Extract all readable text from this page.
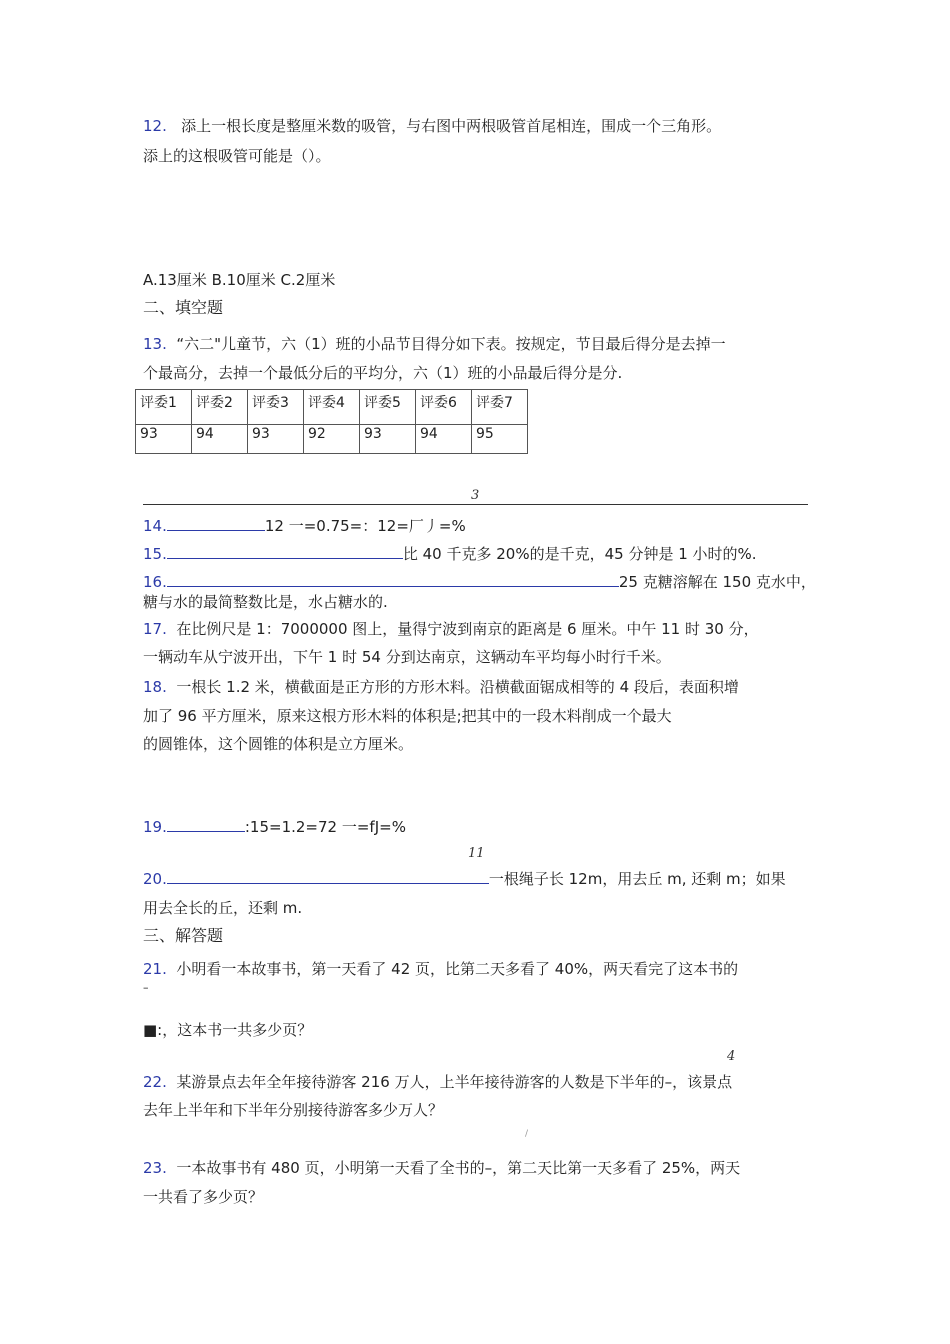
12. 添上一根长度是整厘米数的吸管，与右图中两根吸管首尾相连，围成一个三角形。
添上的这根吸管可能是（）。
A.13厘米 B.10厘米 C.2厘米
二、填空题
13. “六二"儿童节，六（1）班的小品节目得分如下表。按规定，节目最后得分是去掉一
个最高分，去掉一个最低分后的平均分，六（1）班的小品最后得分是分.
评委1	评委2	评委3	评委4	评委5	评委6	评委7

93	94	93	92	93	94	95
3
14.	12 一=0.75=：12=厂丿=%
15.	比 40 千克多 20%的是千克，45 分钟是 1 小时的%.
16.	25 克糖溶解在 150 克水中，
糖与水的最简整数比是，水占糖水的.
17. 在比例尺是 1：7000000 图上，量得宁波到南京的距离是 6 厘米。中午 11 时 30 分，
一辆动车从宁波开出，下午 1 时 54 分到达南京，这辆动车平均每小时行千米。
18. 一根长 1.2 米，横截面是正方形的方形木料。沿横截面锯成相等的 4 段后，表面积增
加了 96 平方厘米，原来这根方形木料的体积是;把其中的一段木料削成一个最大
的圆锥体，这个圆锥的体积是立方厘米。
19.	:15=1.2=72 一=fJ=%
11
20.	一根绳子长 12m，用去丘 m, 还剩 m；如果
用去全长的丘，还剩 m.
三、解答题
21. 小明看一本故事书，第一天看了 42 页，比第二天多看了 40%，两天看完了这本书的
–
■:，这本书一共多少页？
4
22. 某游景点去年全年接待游客 216 万人，上半年接待游客的人数是下半年的–，该景点
去年上半年和下半年分别接待游客多少万人？
/
23. 一本故事书有 480 页，小明第一天看了全书的–，第二天比第一天多看了 25%，两天
一共看了多少页？
